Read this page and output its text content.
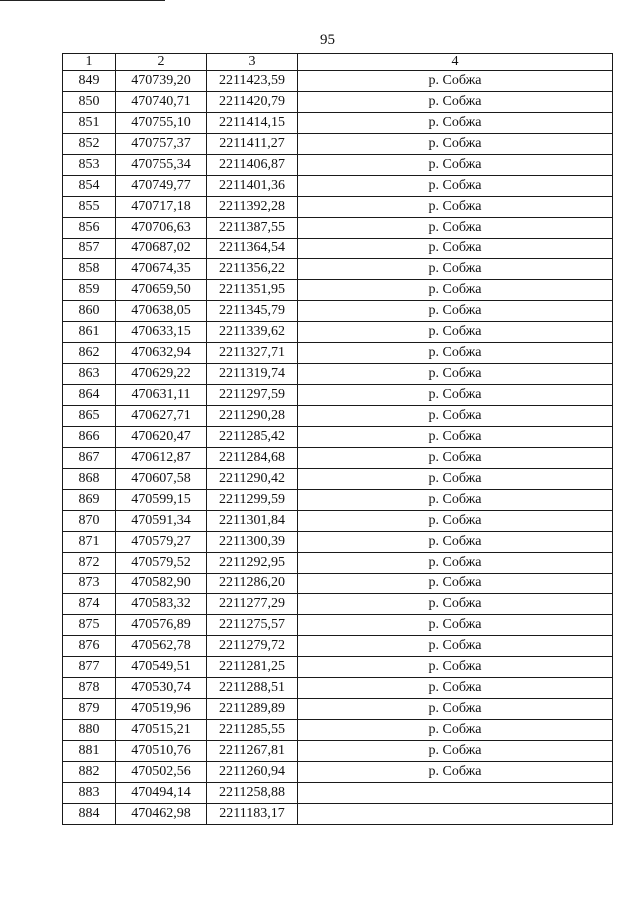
95
1	2	3	4
849	470739,20	2211423,59	р. Собжа
850	470740,71	2211420,79	р. Собжа
851	470755,10	2211414,15	р. Собжа
852	470757,37	2211411,27	р. Собжа
853	470755,34	2211406,87	р. Собжа
854	470749,77	2211401,36	р. Собжа
855	470717,18	2211392,28	р. Собжа
856	470706,63	2211387,55	р. Собжа
857	470687,02	2211364,54	р. Собжа
858	470674,35	2211356,22	р. Собжа
859	470659,50	2211351,95	р. Собжа
860	470638,05	2211345,79	р. Собжа
861	470633,15	2211339,62	р. Собжа
862	470632,94	2211327,71	р. Собжа
863	470629,22	2211319,74	р. Собжа
864	470631,11	2211297,59	р. Собжа
865	470627,71	2211290,28	р. Собжа
866	470620,47	2211285,42	р. Собжа
867	470612,87	2211284,68	р. Собжа
868	470607,58	2211290,42	р. Собжа
869	470599,15	2211299,59	р. Собжа
870	470591,34	2211301,84	р. Собжа
871	470579,27	2211300,39	р. Собжа
872	470579,52	2211292,95	р. Собжа
873	470582,90	2211286,20	р. Собжа
874	470583,32	2211277,29	р. Собжа
875	470576,89	2211275,57	р. Собжа
876	470562,78	2211279,72	р. Собжа
877	470549,51	2211281,25	р. Собжа
878	470530,74	2211288,51	р. Собжа
879	470519,96	2211289,89	р. Собжа
880	470515,21	2211285,55	р. Собжа
881	470510,76	2211267,81	р. Собжа
882	470502,56	2211260,94	р. Собжа
883	470494,14	2211258,88	
884	470462,98	2211183,17	
